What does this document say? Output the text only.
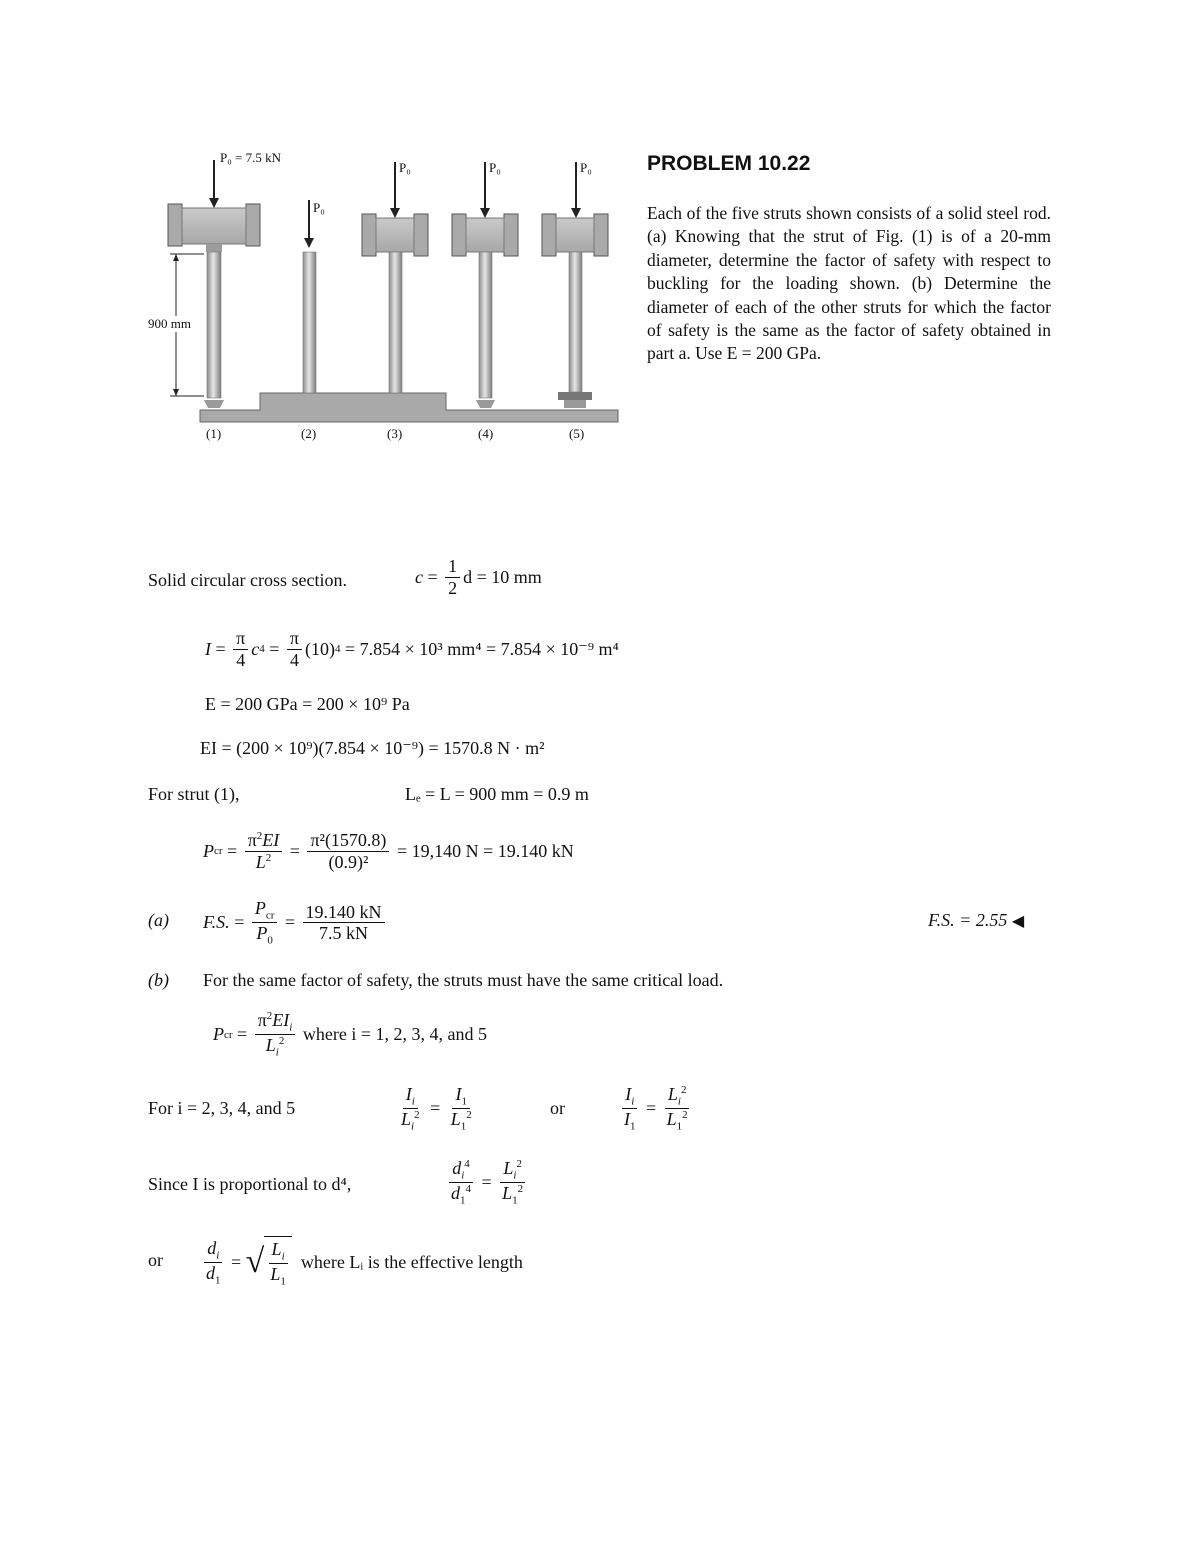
P₀ = 7.5 kN
P₀
P₀	P₀	P₀
900 mm
(1)	(2)	(3)	(4)	(5)
PROBLEM 10.22
Each of the five struts shown consists of a solid steel rod. (a) Knowing that the strut of Fig. (1) is of a 20-mm diameter, determine the factor of safety with respect to buckling for the loading shown. (b) Determine the diameter of each of the other struts for which the factor of safety is the same as the factor of safety obtained in part a. Use E = 200 GPa.
Solid circular cross section.	$c = \frac{1}{2}$ d = 10 mm
$I = \frac{\pi}{4}$ c $4 = \frac{\pi}{4} (10)$ 4
= 7.854 × 10³ mm⁴ = 7.854 × 10⁻⁹ m⁴
E = 200 GPa = 200 × 10⁹ Pa
EI = (200 × 10⁹)(7.854 × 10⁻⁹) = 1570.8 N · m²
For strut (1),	Lₑ = L = 900 mm = 0.9 m
P cr = $\frac{\pi^2EI}{L^2} = \frac{\text{π²(1570.8)}}{\text{(0.9)²}}$
= 19,140 N = 19.140 kN
(a) F.S. = $\frac{P_{cr}}{P_0} = \frac{19.140 kN}{7.5 kN}$	F.S. = 2.55
◀
(b) For the same factor of safety, the struts must have the same critical load.
P cr = $\frac{\pi^2EI_i}{L_i^2}$
where i = 1, 2, 3, 4, and 5
For i = 2, 3, 4, and 5	$\frac{I_i}{L_i^2} = \frac{I_1}{L_1^2}$	or	$\frac{I_i}{I_1} = \frac{L_i^2}{L_1^2}$
Since I is proportional to d⁴,	$\frac{d_i^4}{d_1^4} = \frac{L_i^2}{L_1^2}$
or $\frac{d_i}{d_1}$ = √ $\frac{L_i}{L_1}$
where Lᵢ is the effective length
